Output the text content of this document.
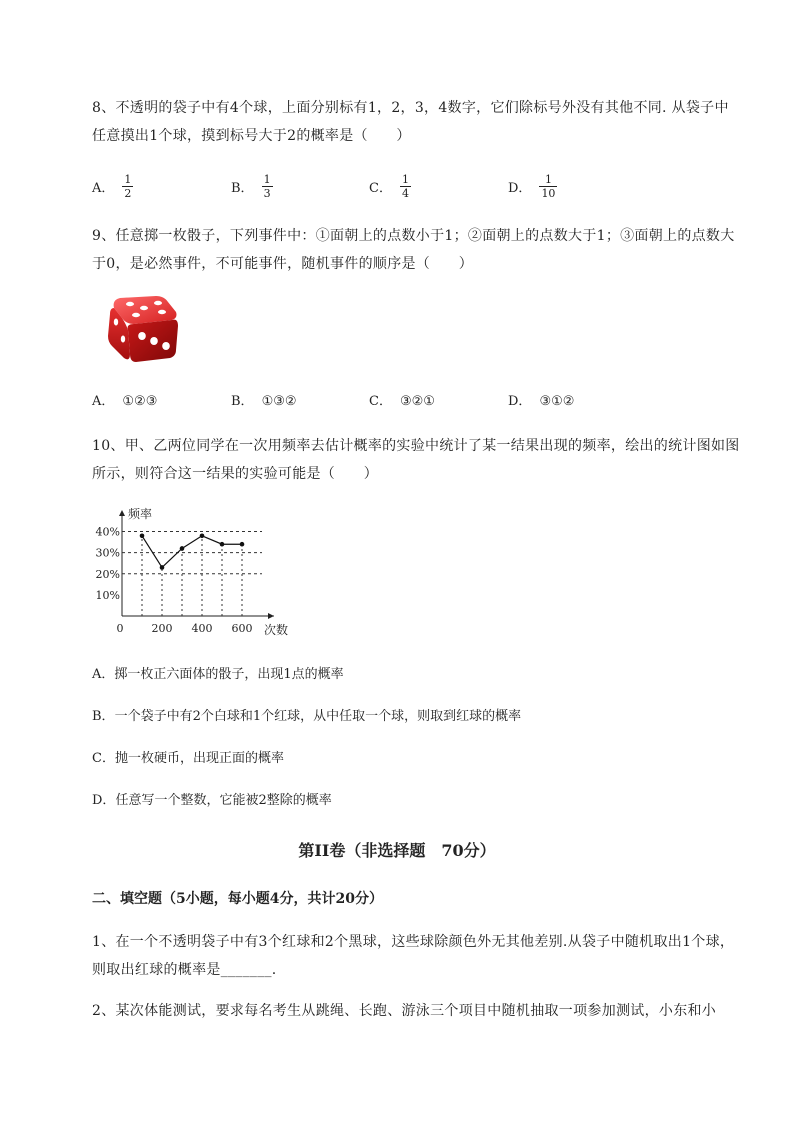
8、不透明的袋子中有4个球，上面分别标有1，2，3，4数字，它们除标号外没有其他不同. 从袋子中任意摸出1个球，摸到标号大于2的概率是（　　）
A． $\frac{1}{2}$	B． $\frac{1}{3}$	C． $\frac{1}{4}$	D． $\frac{1}{10}$
9、任意掷一枚骰子，下列事件中：①面朝上的点数小于1；②面朝上的点数大于1；③面朝上的点数大于0，是必然事件，不可能事件，随机事件的顺序是（　　）
A． ①②③	B． ①③②	C． ③②①	D． ③①②
10、甲、乙两位同学在一次用频率去估计概率的实验中统计了某一结果出现的频率，绘出的统计图如图所示，则符合这一结果的实验可能是（　　）
10%
20%
30%
40%
0	200 400 600
频率
次数
A．掷一枚正六面体的骰子，出现1点的概率
B．一个袋子中有2个白球和1个红球，从中任取一个球，则取到红球的概率
C．抛一枚硬币，出现正面的概率
D．任意写一个整数，它能被2整除的概率
第II卷（非选择题　70分）
二、填空题（5小题，每小题4分，共计20分）
1、在一个不透明袋子中有3个红球和2个黑球，这些球除颜色外无其他差别.从袋子中随机取出1个球，则取出红球的概率是_______.
2、某次体能测试，要求每名考生从跳绳、长跑、游泳三个项目中随机抽取一项参加测试，小东和小
